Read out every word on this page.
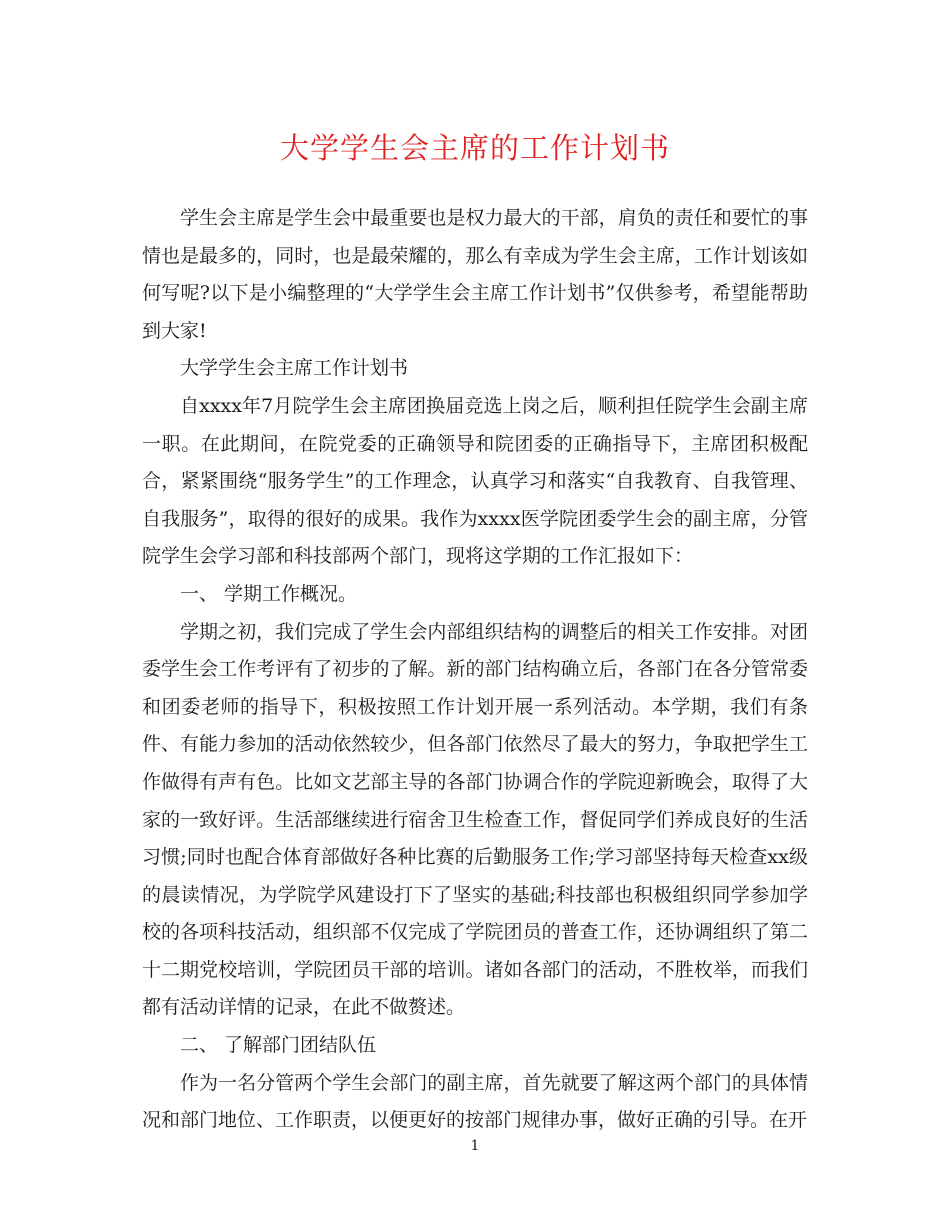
大学学生会主席的工作计划书

学生会主席是学生会中最重要也是权力最大的干部，肩负的责任和要忙的事情也是最多的，同时，也是最荣耀的，那么有幸成为学生会主席，工作计划该如何写呢?以下是小编整理的“大学学生会主席工作计划书”仅供参考，希望能帮助到大家!

大学学生会主席工作计划书

自xxxx年7月院学生会主席团换届竞选上岗之后，顺利担任院学生会副主席一职。在此期间，在院党委的正确领导和院团委的正确指导下，主席团积极配合，紧紧围绕“服务学生”的工作理念，认真学习和落实“自我教育、自我管理、自我服务”，取得的很好的成果。我作为xxxx医学院团委学生会的副主席，分管院学生会学习部和科技部两个部门，现将这学期的工作汇报如下：

一、 学期工作概况。

学期之初，我们完成了学生会内部组织结构的调整后的相关工作安排。对团委学生会工作考评有了初步的了解。新的部门结构确立后，各部门在各分管常委和团委老师的指导下，积极按照工作计划开展一系列活动。本学期，我们有条件、有能力参加的活动依然较少，但各部门依然尽了最大的努力，争取把学生工作做得有声有色。比如文艺部主导的各部门协调合作的学院迎新晚会，取得了大家的一致好评。生活部继续进行宿舍卫生检查工作，督促同学们养成良好的生活习惯;同时也配合体育部做好各种比赛的后勤服务工作;学习部坚持每天检查xx级的晨读情况，为学院学风建设打下了坚实的基础;科技部也积极组织同学参加学校的各项科技活动，组织部不仅完成了学院团员的普查工作，还协调组织了第二十二期党校培训，学院团员干部的培训。诸如各部门的活动，不胜枚举，而我们都有活动详情的记录，在此不做赘述。

二、 了解部门团结队伍

作为一名分管两个学生会部门的副主席，首先就要了解这两个部门的具体情况和部门地位、工作职责，以便更好的按部门规律办事，做好正确的引导。在开

1
